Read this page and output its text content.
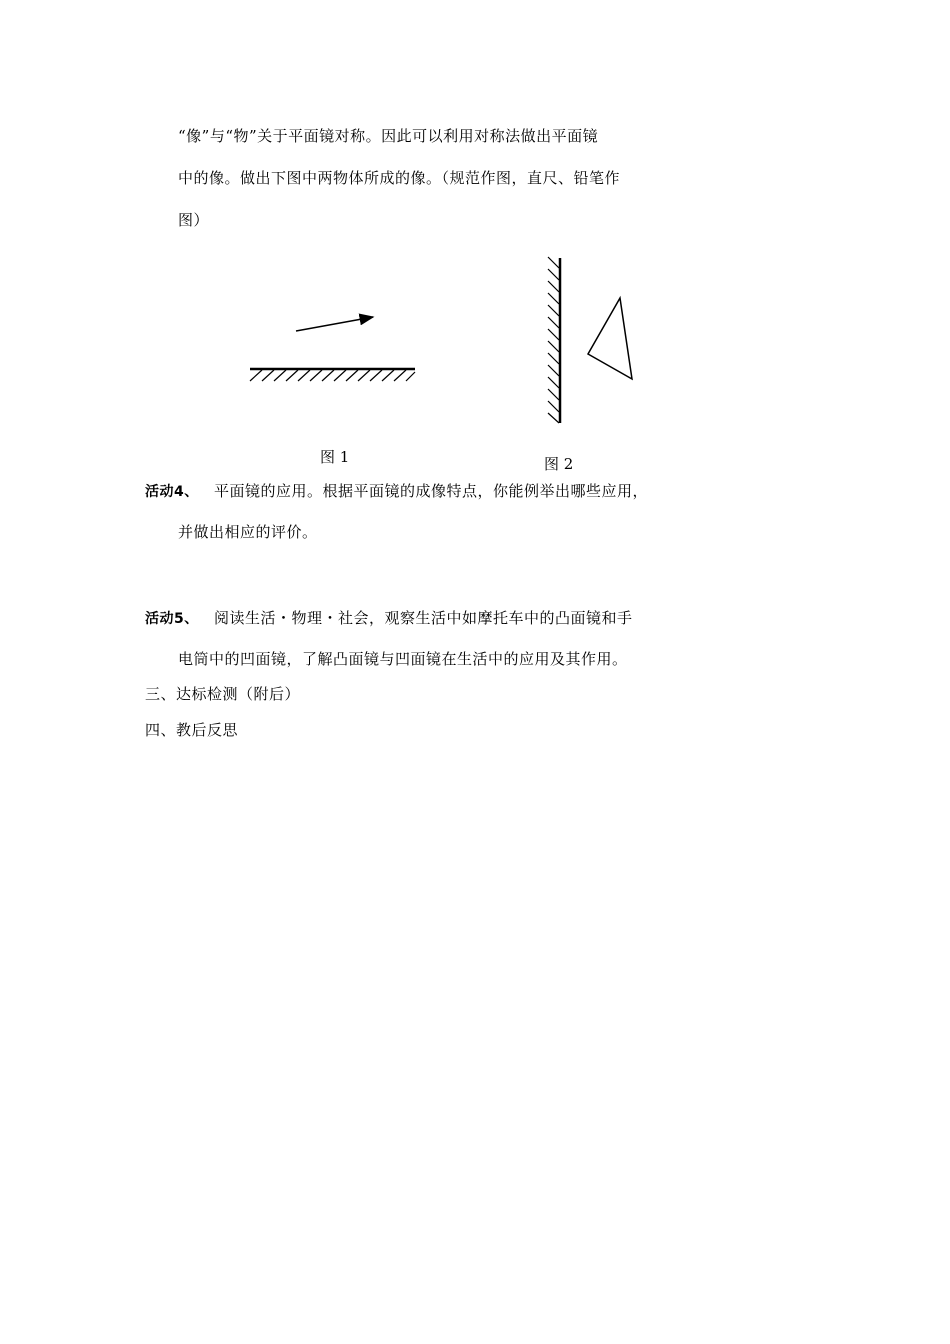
“像”与“物”关于平面镜对称。因此可以利用对称法做出平面镜
中的像。做出下图中两物体所成的像。（规范作图，直尺、铅笔作
图）
图 1	图 2
活动4、 平面镜的应用。根据平面镜的成像特点，你能例举出哪些应用，
并做出相应的评价。
活动5、 阅读生活・物理・社会，观察生活中如摩托车中的凸面镜和手
电筒中的凹面镜，了解凸面镜与凹面镜在生活中的应用及其作用。
三、达标检测（附后）
四、教后反思
